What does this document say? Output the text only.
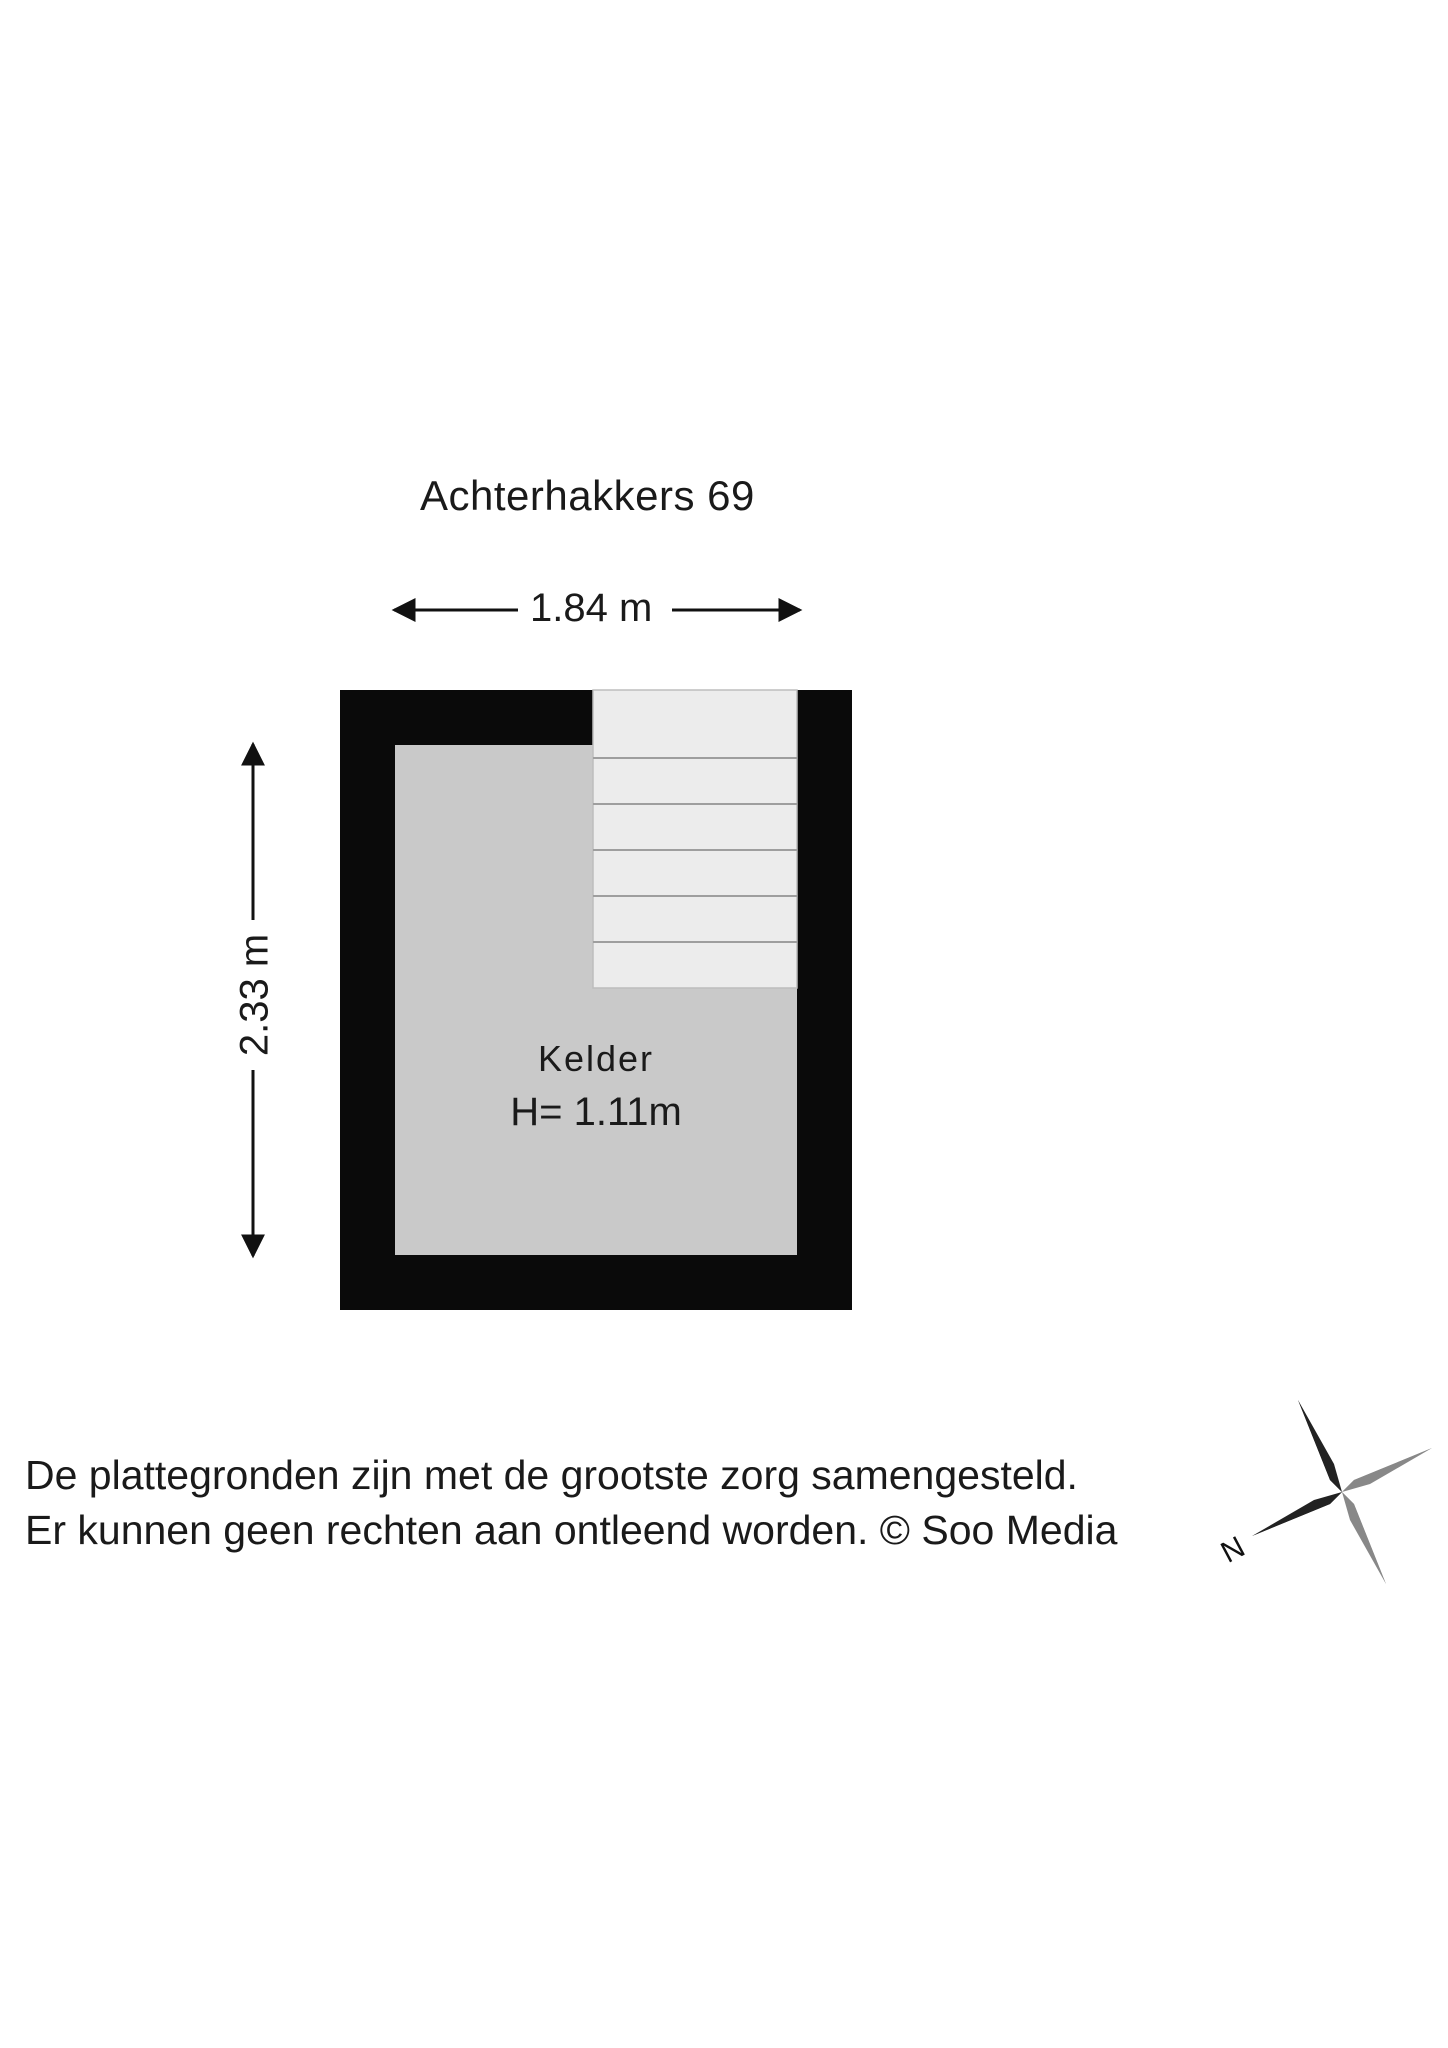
N
Achterhakkers 69
1.84 m
2.33 m
Kelder
H= 1.11m
De plattegronden zijn met de grootste zorg samengesteld.
Er kunnen geen rechten aan ontleend worden. © Soo Media
